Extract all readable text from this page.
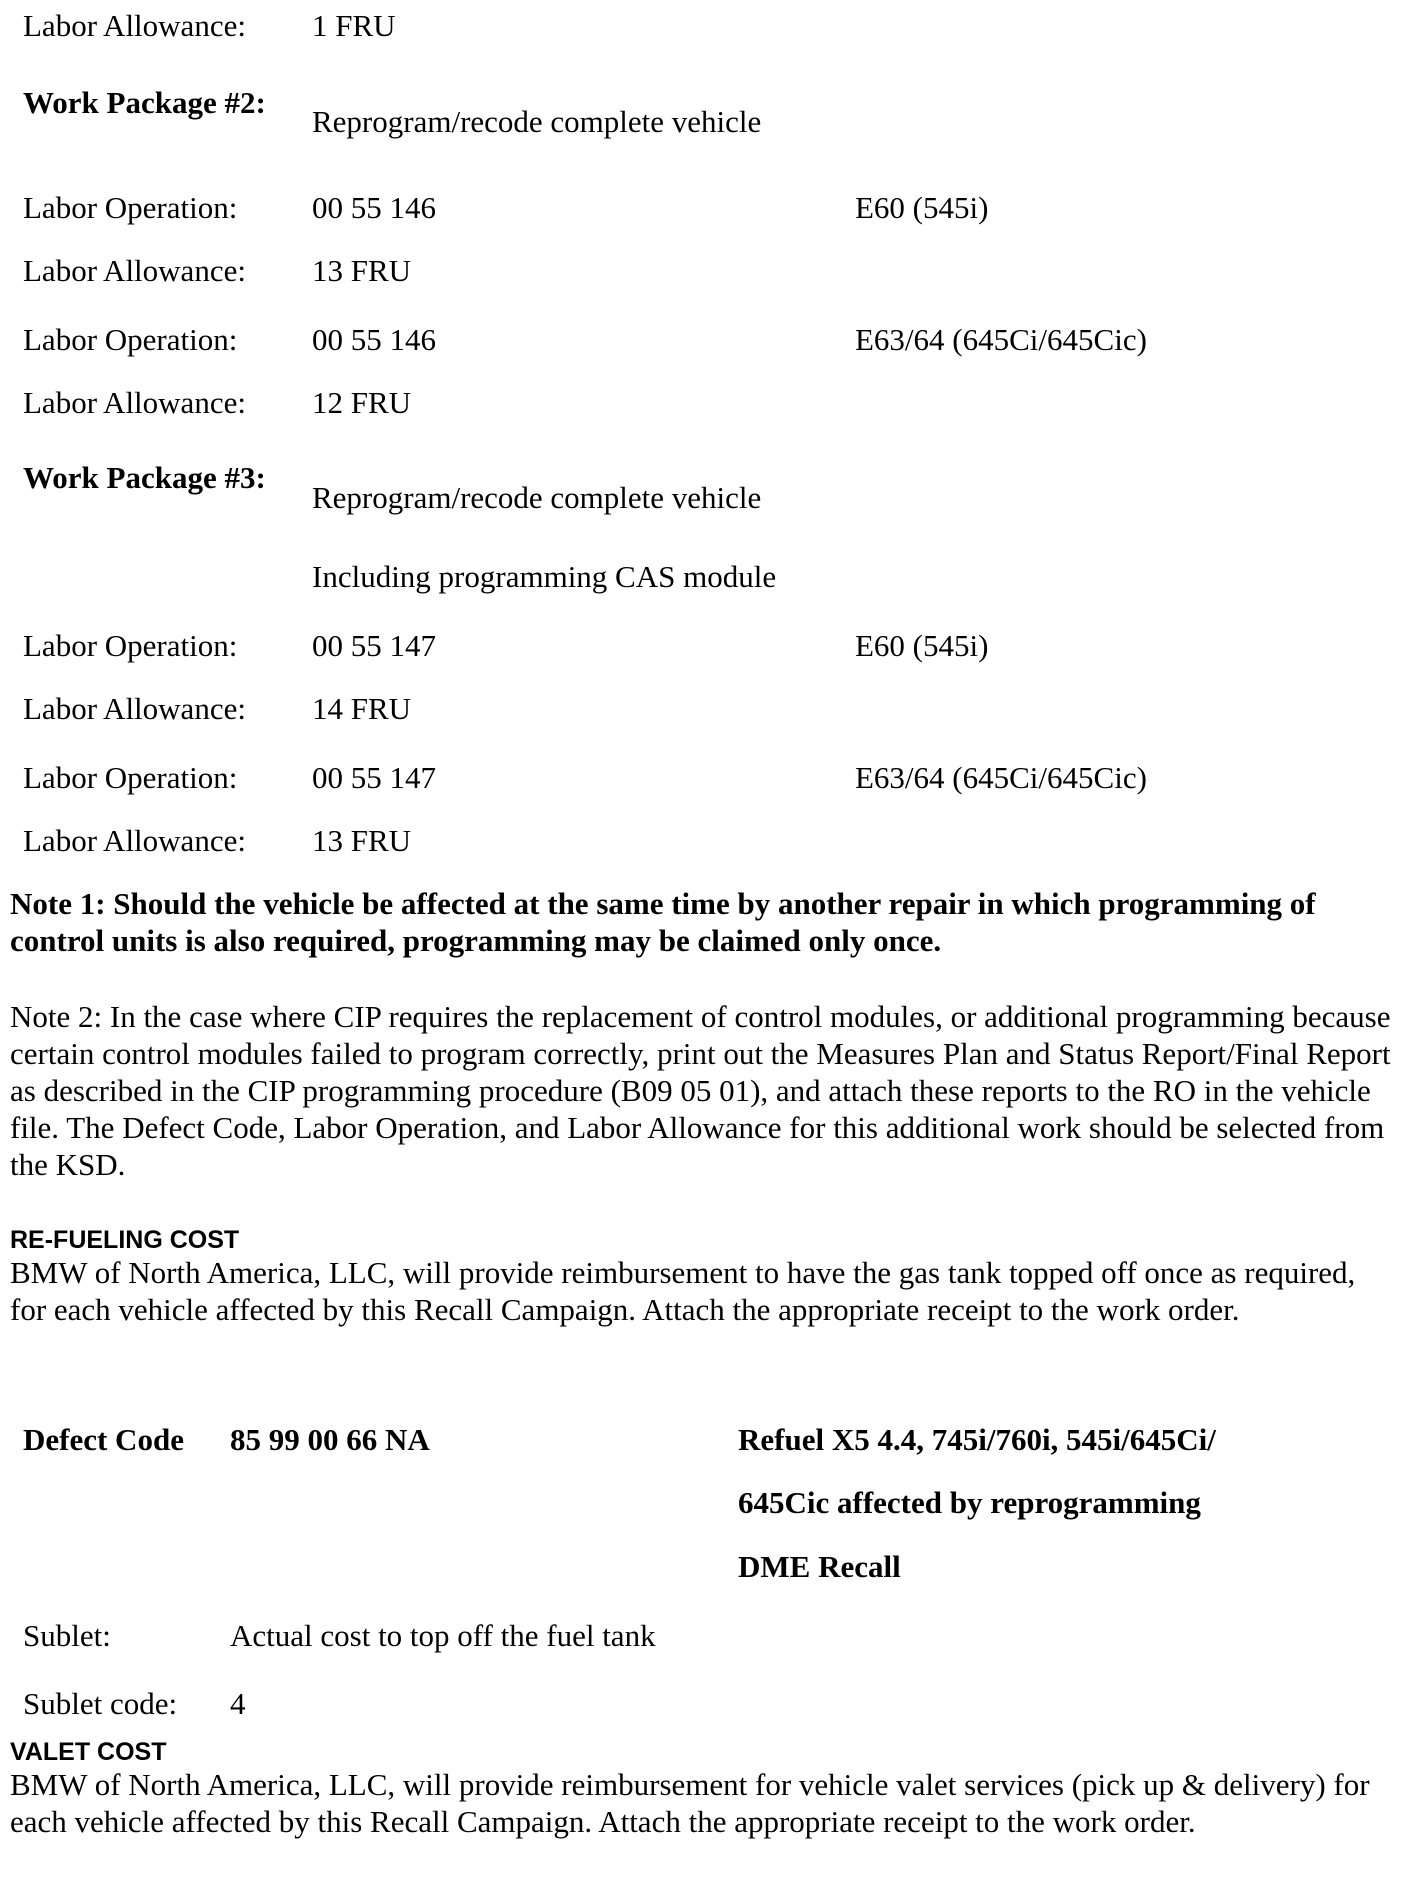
Labor Allowance: 1 FRU
Work Package #2:
Reprogram/recode complete vehicle
Labor Operation: 00 55 146	E60 (545i)
Labor Allowance: 13 FRU
Labor Operation: 00 55 146	E63/64 (645Ci/645Cic)
Labor Allowance: 12 FRU
Work Package #3:
Reprogram/recode complete vehicle
Including programming CAS module
Labor Operation: 00 55 147	E60 (545i)
Labor Allowance: 14 FRU
Labor Operation: 00 55 147	E63/64 (645Ci/645Cic)
Labor Allowance: 13 FRU
Note 1: Should the vehicle be affected at the same time by another repair in which programming of control units is also required, programming may be claimed only once.
Note 2: In the case where CIP requires the replacement of control modules, or additional programming because certain control modules failed to program correctly, print out the Measures Plan and Status Report/Final Report as described in the CIP programming procedure (B09 05 01), and attach these reports to the RO in the vehicle file. The Defect Code, Labor Operation, and Labor Allowance for this additional work should be selected from the KSD.
RE-FUELING COST
BMW of North America, LLC, will provide reimbursement to have the gas tank topped off once as required, for each vehicle affected by this Recall Campaign. Attach the appropriate receipt to the work order.
Defect Code 85 99 00 66 NA	Refuel X5 4.4, 745i/760i, 545i/645Ci/
645Cic affected by reprogramming
DME Recall
Sublet:	Actual cost to top off the fuel tank
Sublet code: 4
VALET COST
BMW of North America, LLC, will provide reimbursement for vehicle valet services (pick up & delivery) for each vehicle affected by this Recall Campaign. Attach the appropriate receipt to the work order.
